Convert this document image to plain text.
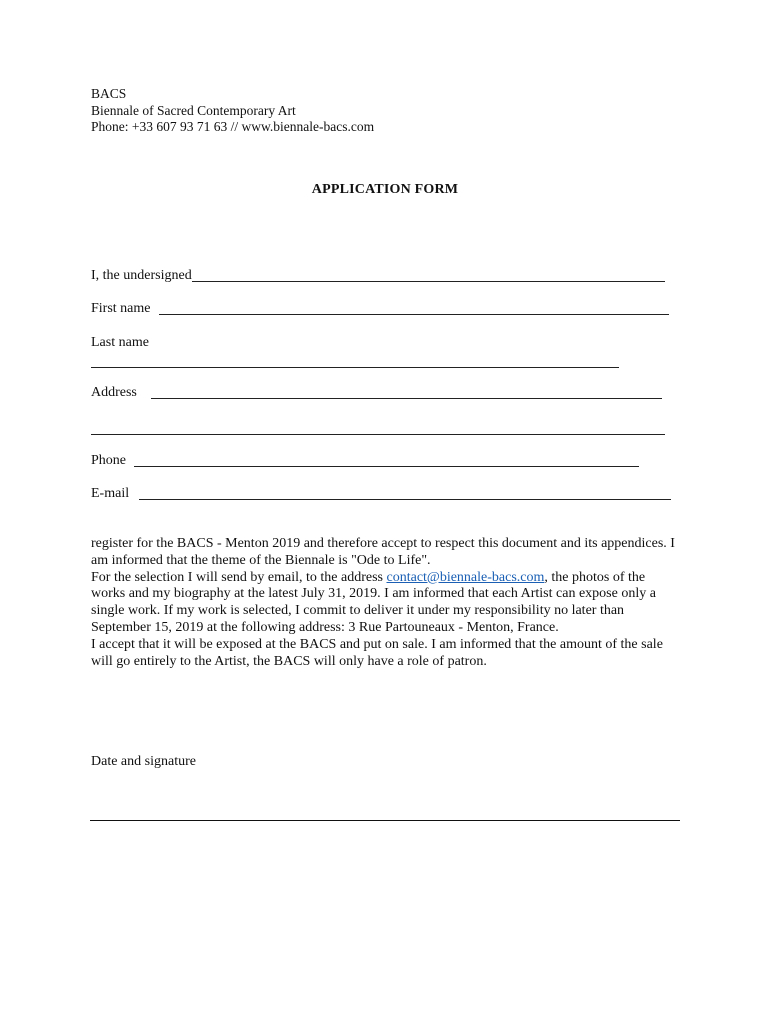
BACS
Biennale of Sacred Contemporary Art
Phone: +33 607 93 71 63 // www.biennale-bacs.com
APPLICATION FORM
I, the undersigned
First name
Last name
Address
Phone
E-mail

register for the BACS - Menton 2019 and therefore accept to respect this document and its appendices. I am informed that the theme of the Biennale is "Ode to Life".

For the selection I will send by email, to the address contact@biennale-bacs.com, the photos of the works and my biography at the latest July 31, 2019. I am informed that each Artist can expose only a single work. If my work is selected, I commit to deliver it under my responsibility no later than September 15, 2019 at the following address: 3 Rue Partouneaux - Menton, France.

I accept that it will be exposed at the BACS and put on sale. I am informed that the amount of the sale will go entirely to the Artist, the BACS will only have a role of patron.

Date and signature
